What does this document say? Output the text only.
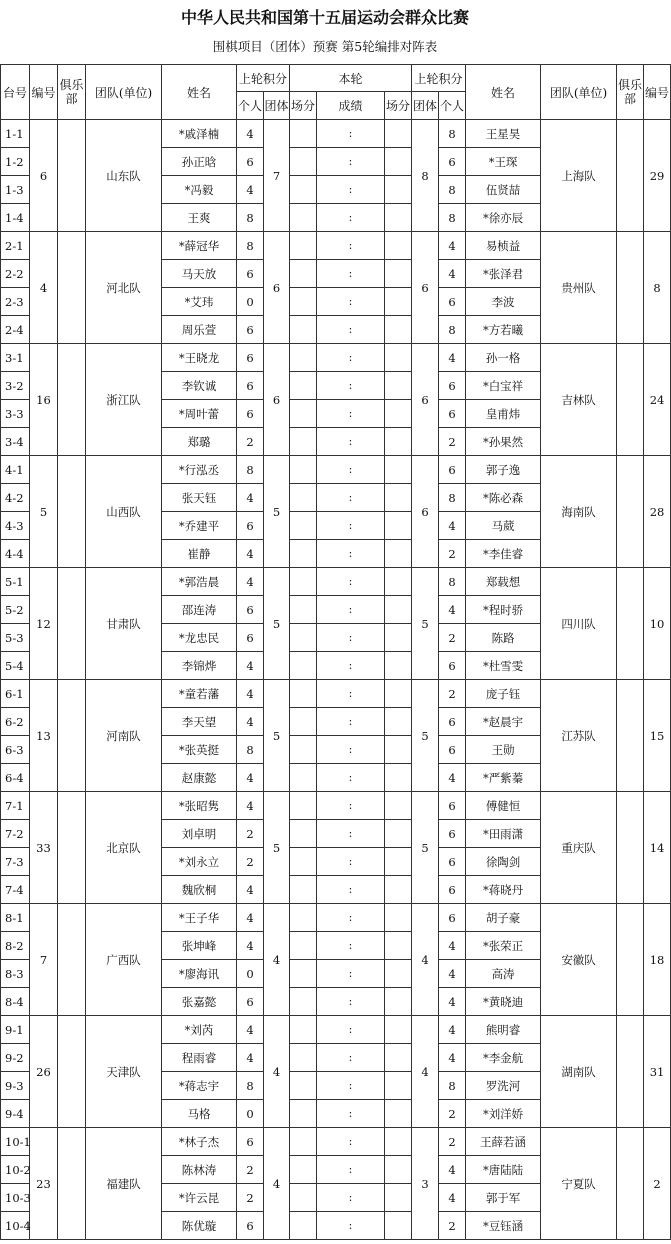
中华人民共和国第十五届运动会群众比赛
围棋项目（团体）预赛 第5轮编排对阵表
台号	编号	俱乐部	团队(单位)	姓名	上轮积分		本轮			上轮积分		姓名	团队(单位)	俱乐部	编号
					个人	团体	场分	成绩	场分	团体	个人				
1-1	6		山东队	*戚泽楠	4	7		:		8	8	王星昊	上海队		29
1-2				孙正晗	6			:			6	*王琛			
1-3				*冯毅	4			:			8	伍贤喆			
1-4				王爽	8			:			8	*徐亦辰			
2-1	4		河北队	*薛冠华	8	6		:		6	4	易桢益	贵州队		8
2-2				马天放	6			:			4	*张泽君			
2-3				*艾玮	0			:			6	李波			
2-4				周乐萱	6			:			8	*方若曦			
3-1	16		浙江队	*王晓龙	6	6		:		6	4	孙一格	吉林队		24
3-2				李钦诚	6			:			6	*白宝祥			
3-3				*周叶蕾	6			:			6	皇甫炜			
3-4				郑璐	2			:			2	*孙果然			
4-1	5		山西队	*行泓丞	8	5		:		6	6	郭子逸	海南队		28
4-2				张天钰	4			:			8	*陈必森			
4-3				*乔建平	6			:			4	马葳			
4-4				崔静	4			:			2	*李佳睿			
5-1	12		甘肃队	*郭浩晨	4	5		:		5	8	郑载想	四川队		10
5-2				邵连涛	6			:			4	*程时骄			
5-3				*龙忠民	6			:			2	陈路			
5-4				李锦烨	4			:			6	*杜雪雯			
6-1	13		河南队	*童若藩	4	5		:		5	2	庞子钰	江苏队		15
6-2				李天望	4			:			6	*赵晨宇			
6-3				*张英挺	8			:			6	王勋			
6-4				赵康懿	4			:			4	*严紫蓁			
7-1	33		北京队	*张昭隽	4	5		:		5	6	傅健恒	重庆队		14
7-2				刘卓明	2			:			6	*田雨潇			
7-3				*刘永立	2			:			6	徐陶剑			
7-4				魏欣桐	4			:			6	*蒋晓丹			
8-1	7		广西队	*王子华	4	4		:		4	6	胡子豪	安徽队		18
8-2				张坤峰	4			:			4	*张荣正			
8-3				*廖海讯	0			:			4	高涛			
8-4				张嘉懿	6			:			4	*黄晓迪			
9-1	26		天津队	*刘芮	4	4		:		4	4	熊明睿	湖南队		31
9-2				程雨睿	4			:			4	*李金航			
9-3				*蒋志宇	8			:			8	罗洗河			
9-4				马格	0			:			2	*刘洋娇			
10-1	23		福建队	*林子杰	6	4		:		3	2	王薛若涵	宁夏队		2
10-2				陈林涛	2			:			4	*唐陆陆			
10-3				*许云昆	2			:			4	郭于军			
10-4				陈优璇	6			:			2	*豆钰涵			
